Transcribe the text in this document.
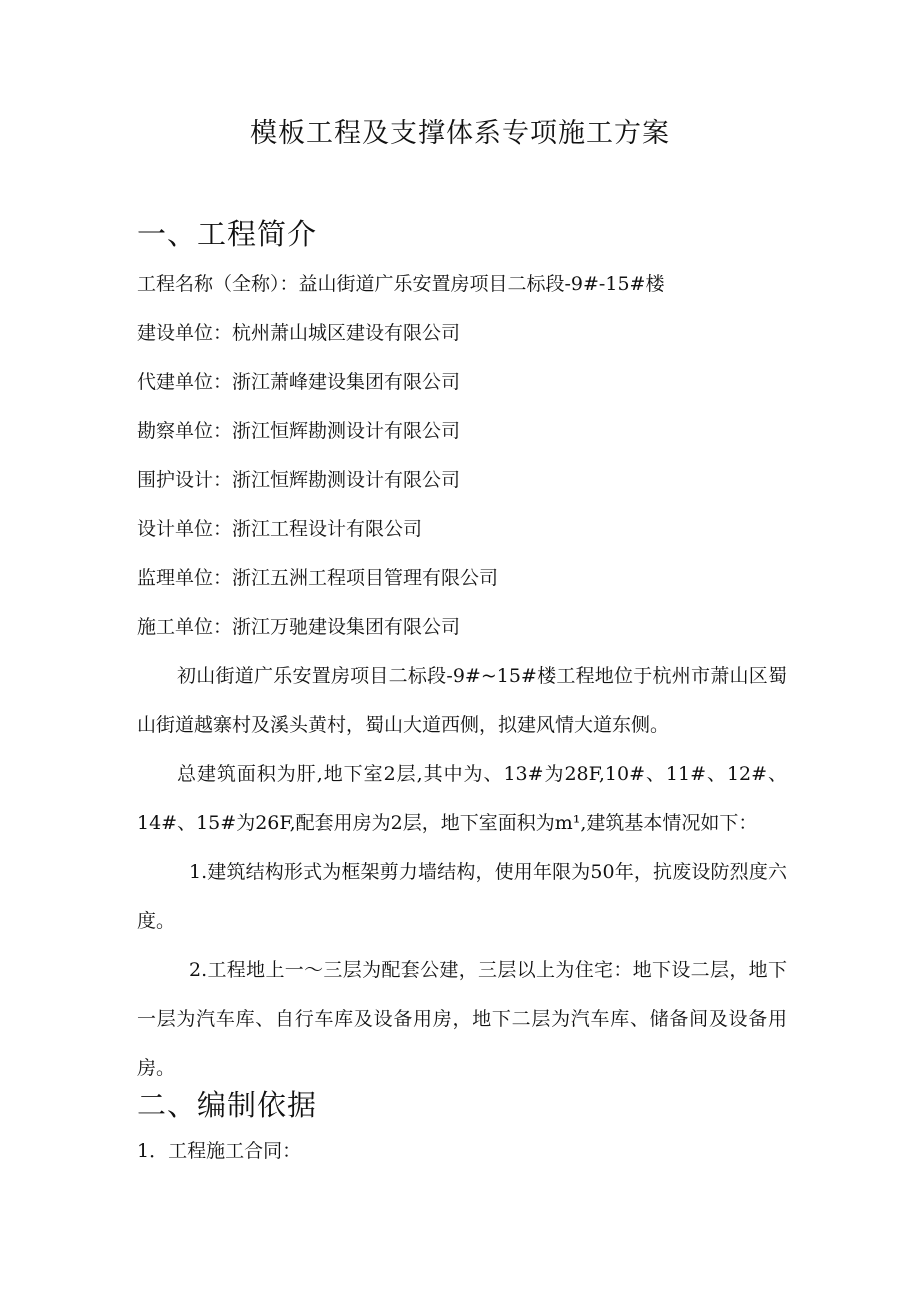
模板工程及支撑体系专项施工方案
一、工程简介
工程名称（全称）：益山街道广乐安置房项目二标段-9#-15#楼
建设单位：杭州萧山城区建设有限公司
代建单位：浙江萧峰建设集团有限公司
勘察单位：浙江恒辉勘测设计有限公司
围护设计：浙江恒辉勘测设计有限公司
设计单位：浙江工程设计有限公司
监理单位：浙江五洲工程项目管理有限公司
施工单位：浙江万驰建设集团有限公司

初山街道广乐安置房项目二标段-9#~15#楼工程地位于杭州市萧山区蜀山街道越寨村及溪头黄村，蜀山大道西侧，拟建风情大道东侧。

总建筑面积为肝,地下室2层,其中为、13#为28F,10#、11#、12#、14#、15#为26F,配套用房为2层，地下室面积为m¹,建筑基本情况如下：

1.建筑结构形式为框架剪力墙结构，使用年限为50年，抗废设防烈度六度。

2.工程地上一～三层为配套公建，三层以上为住宅：地下设二层，地下一层为汽车库、自行车库及设备用房，地下二层为汽车库、储备间及设备用房。

二、编制依据
1．工程施工合同：
